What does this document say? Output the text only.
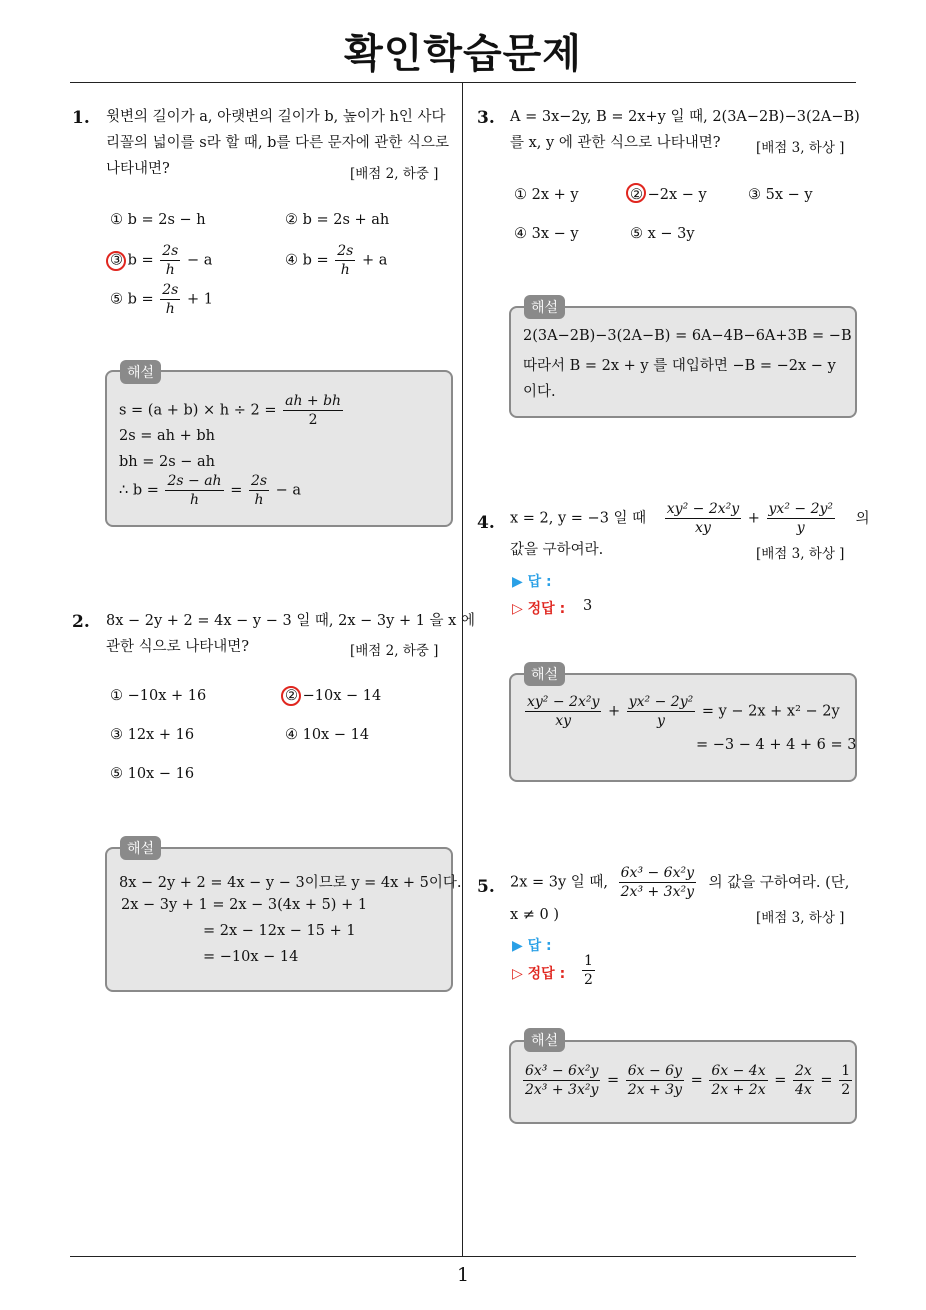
확인학습문제
1. 윗변의 길이가 a, 아랫변의 길이가 b, 높이가 h인 사다
리꼴의 넓이를 s라 할 때, b를 다른 문자에 관한 식으로
나타내면?	[배점 2, 하중 ]
① b = 2s − h	② b = 2s + ah
③ $b = \frac{2s}{h} - a$	④ $b = \frac{2s}{h} + a$
⑤ $b = \frac{2s}{h} + 1$
$s = (a + b) \times h \div 2 = \frac{ah + bh}{2}$
2s = ah + bh
bh = 2s − ah
∴ $b = \frac{2s - ah}{h} = \frac{2s}{h} - a$
해설
2. 8x − 2y + 2 = 4x − y − 3 일 때, 2x − 3y + 1 을 x 에
관한 식으로 나타내면?	[배점 2, 하중 ]
① −10x + 16	② −10x − 14
③ 12x + 16	④ 10x − 14
⑤ 10x − 16
8x − 2y + 2 = 4x − y − 3이므로 y = 4x + 5이다.
2x − 3y + 1 = 2x − 3(4x + 5) + 1
= 2x − 12x − 15 + 1
= −10x − 14
해설
3. A = 3x−2y, B = 2x+y 일 때, 2(3A−2B)−3(2A−B)
를 x, y 에 관한 식으로 나타내면?	[배점 3, 하상 ]
① 2x + y	② −2x − y	③ 5x − y
④ 3x − y	⑤ x − 3y
2(3A−2B)−3(2A−B) = 6A−4B−6A+3B = −B
따라서 B = 2x + y 를 대입하면 −B = −2x − y
이다.
해설
4. x = 2, y = −3 일 때 $\frac{\text{xy² − 2x²y}}{xy} + \frac{\text{yx² − 2y²}}{y}$ 의
값을 구하여라.	[배점 3, 하상 ]
▶ 답 :
▷ 정답 : 3
$\frac{\text{xy² − 2x²y}}{xy} + \frac{\text{yx² − 2y²}}{y} = y - 2x + x^2 - 2y$
= −3 − 4 + 4 + 6 = 3
해설
5. 2x = 3y 일 때, $\frac{\text{6x³ − 6x²y}}{\text{2x³ + 3x²y}}$ 의 값을 구하여라. (단,
x ≠ 0 )	[배점 3, 하상 ]
▶ 답 :
▷ 정답 : $\frac{1}{2}$
$\frac{\text{6x³ − 6x²y}}{\text{2x³ + 3x²y}} = \frac{6x - 6y}{2x + 3y} = \frac{6x - 4x}{2x + 2x} = \frac{2x}{4x} = \frac{1}{2}$
해설
1
